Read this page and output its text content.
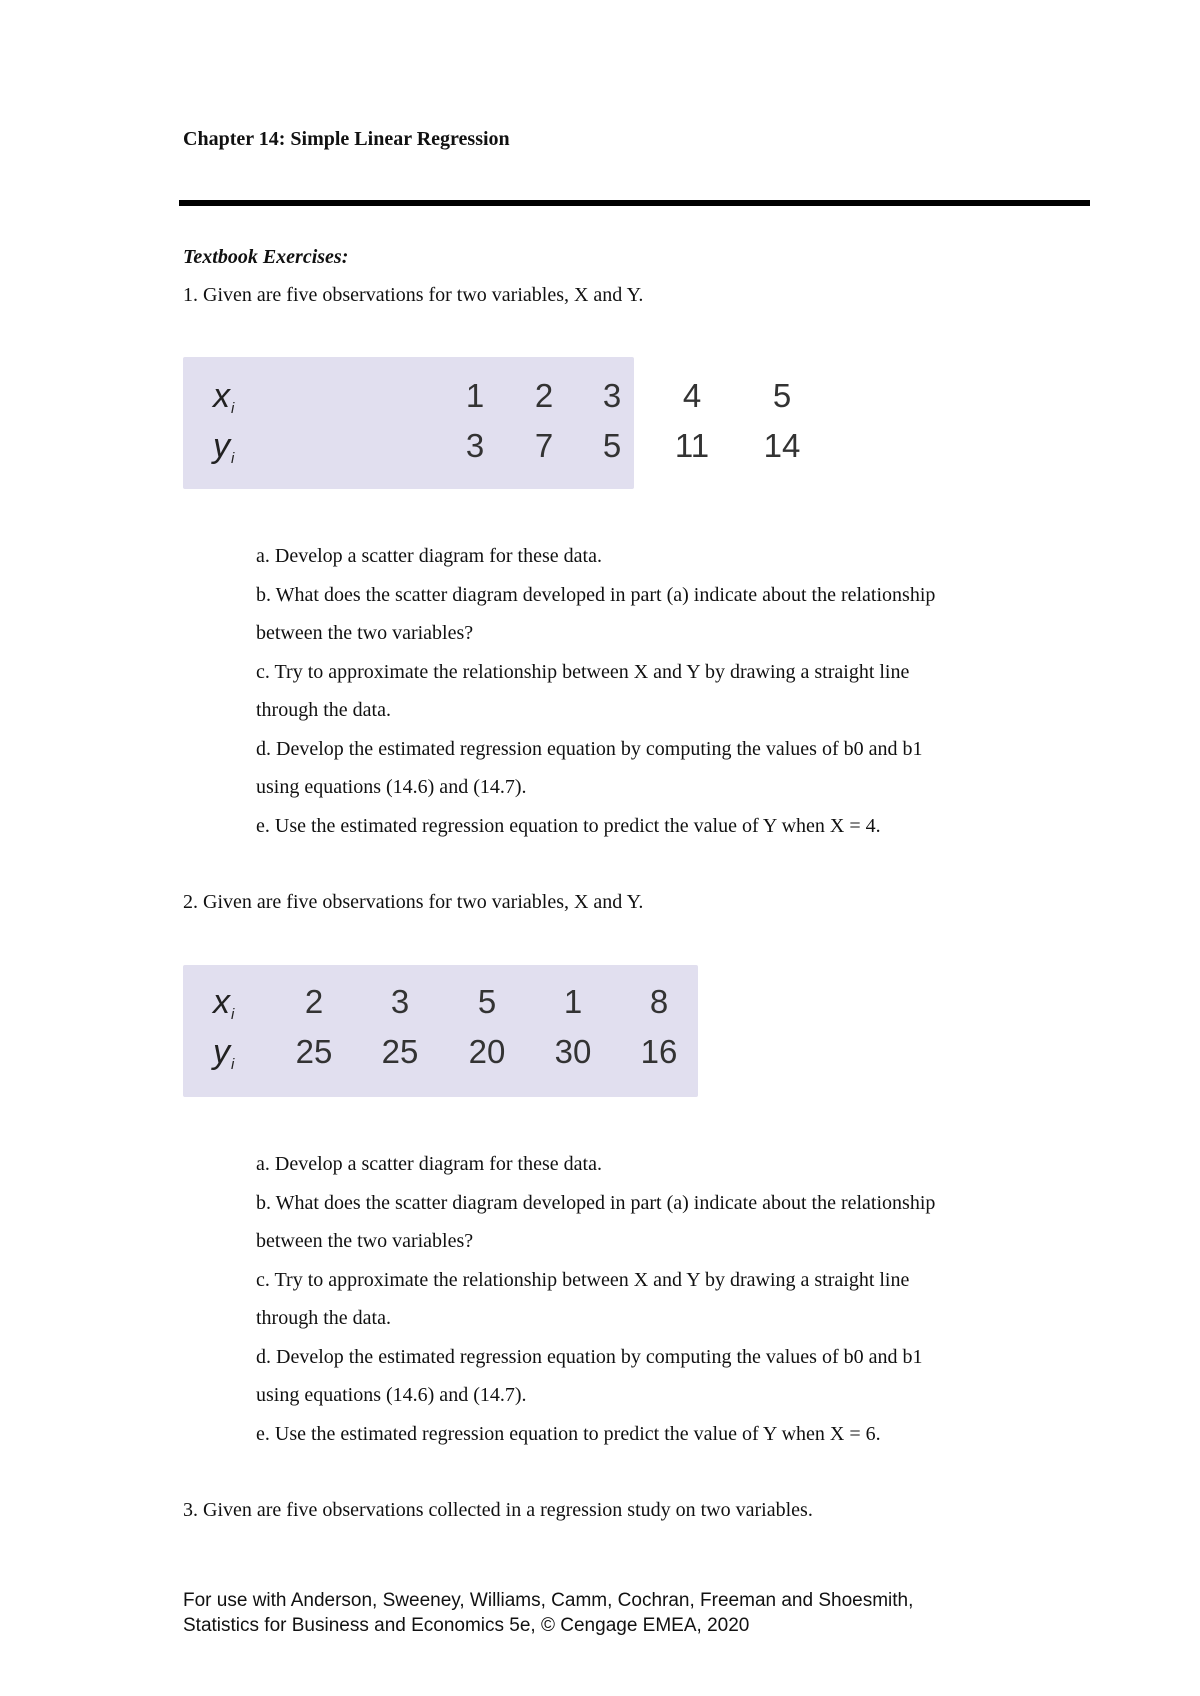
Chapter 14: Simple Linear Regression
Textbook Exercises:
1. Given are five observations for two variables, X and Y.
$x_i$	1	2	3	4	5
$y_i$	3	7	5	11	14
a. Develop a scatter diagram for these data.
b. What does the scatter diagram developed in part (a) indicate about the relationship
between the two variables?
c. Try to approximate the relationship between X and Y by drawing a straight line
through the data.
d. Develop the estimated regression equation by computing the values of b0 and b1
using equations (14.6) and (14.7).
e. Use the estimated regression equation to predict the value of Y when X = 4.
2. Given are five observations for two variables, X and Y.
$x_i$	2	3	5	1	8
$y_i$	25	25	20	30	16
a. Develop a scatter diagram for these data.
b. What does the scatter diagram developed in part (a) indicate about the relationship
between the two variables?
c. Try to approximate the relationship between X and Y by drawing a straight line
through the data.
d. Develop the estimated regression equation by computing the values of b0 and b1
using equations (14.6) and (14.7).
e. Use the estimated regression equation to predict the value of Y when X = 6.
3. Given are five observations collected in a regression study on two variables.
For use with Anderson, Sweeney, Williams, Camm, Cochran, Freeman and Shoesmith,
Statistics for Business and Economics 5e, © Cengage EMEA, 2020
